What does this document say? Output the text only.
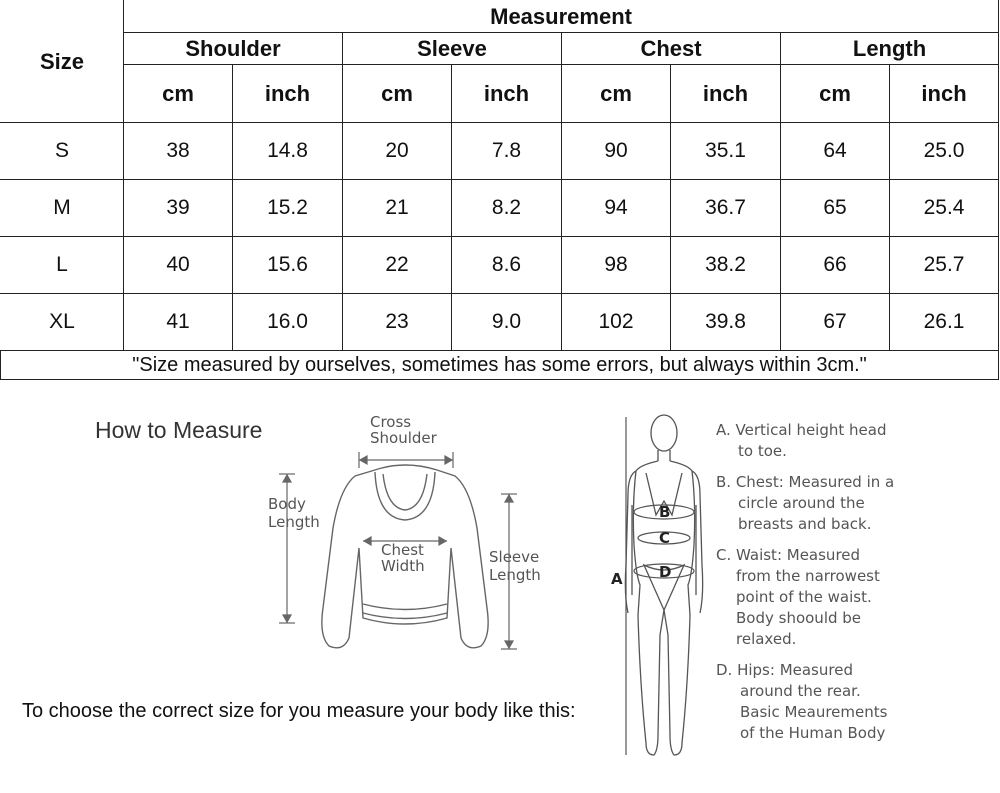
Size	Measurement							
	Shoulder		Sleeve		Chest		Length	
	cm	inch	cm	inch	cm	inch	cm	inch
S	38	14.8	20	7.8	90	35.1	64	25.0
M	39	15.2	21	8.2	94	36.7	65	25.4
L	40	15.6	22	8.6	98	38.2	66	25.7
XL	41	16.0	23	9.0	102	39.8	67	26.1
"Size measured by ourselves, sometimes has some errors, but always within 3cm."								
How to Measure
To choose the correct size for you measure your body like this:
Cross
Shoulder
Body
Length
Chest
Width	Sleeve
Length
B
C
D
A
A. Vertical height head
to toe.
B. Chest: Measured in a
circle around the
breasts and back.
C. Waist: Measured
from the narrowest
point of the waist.
Body shoould be
relaxed.
D. Hips: Measured
around the rear.
Basic Meaurements
of the Human Body
